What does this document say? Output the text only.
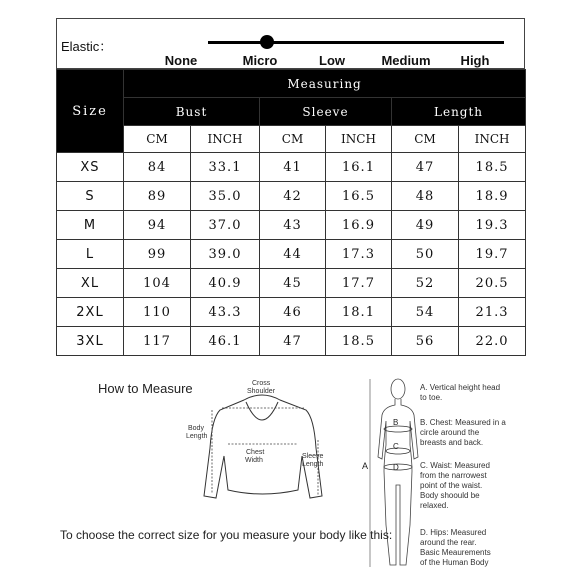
Elastic：
None	Micro	Low	Medium High
Size	Measuring					
	Bust		Sleeve		Length	
	CM	INCH	CM	INCH	CM	INCH
XS	84	33.1	41	16.1	47	18.5
S	89	35.0	42	16.5	48	18.9
M	94	37.0	43	16.9	49	19.3
L	99	39.0	44	17.3	50	19.7
XL	104	40.9	45	17.7	52	20.5
2XL	110	43.3	46	18.1	54	21.3
3XL	117	46.1	47	18.5	56	22.0
How to Measure	Cross
Shoulder
Body
Length
Chest
Width
Sleeve
Length	A
B
C
D
A. Vertical height head
to toe.
B. Chest: Measured in a
circle around the
breasts and back.
C. Waist: Measured
from the narrowest
point of the waist.
Body shoould be
relaxed.
D. Hips: Measured
around the rear.
Basic Meaurements
of the Human Body
To choose the correct size for you measure your body like this:
